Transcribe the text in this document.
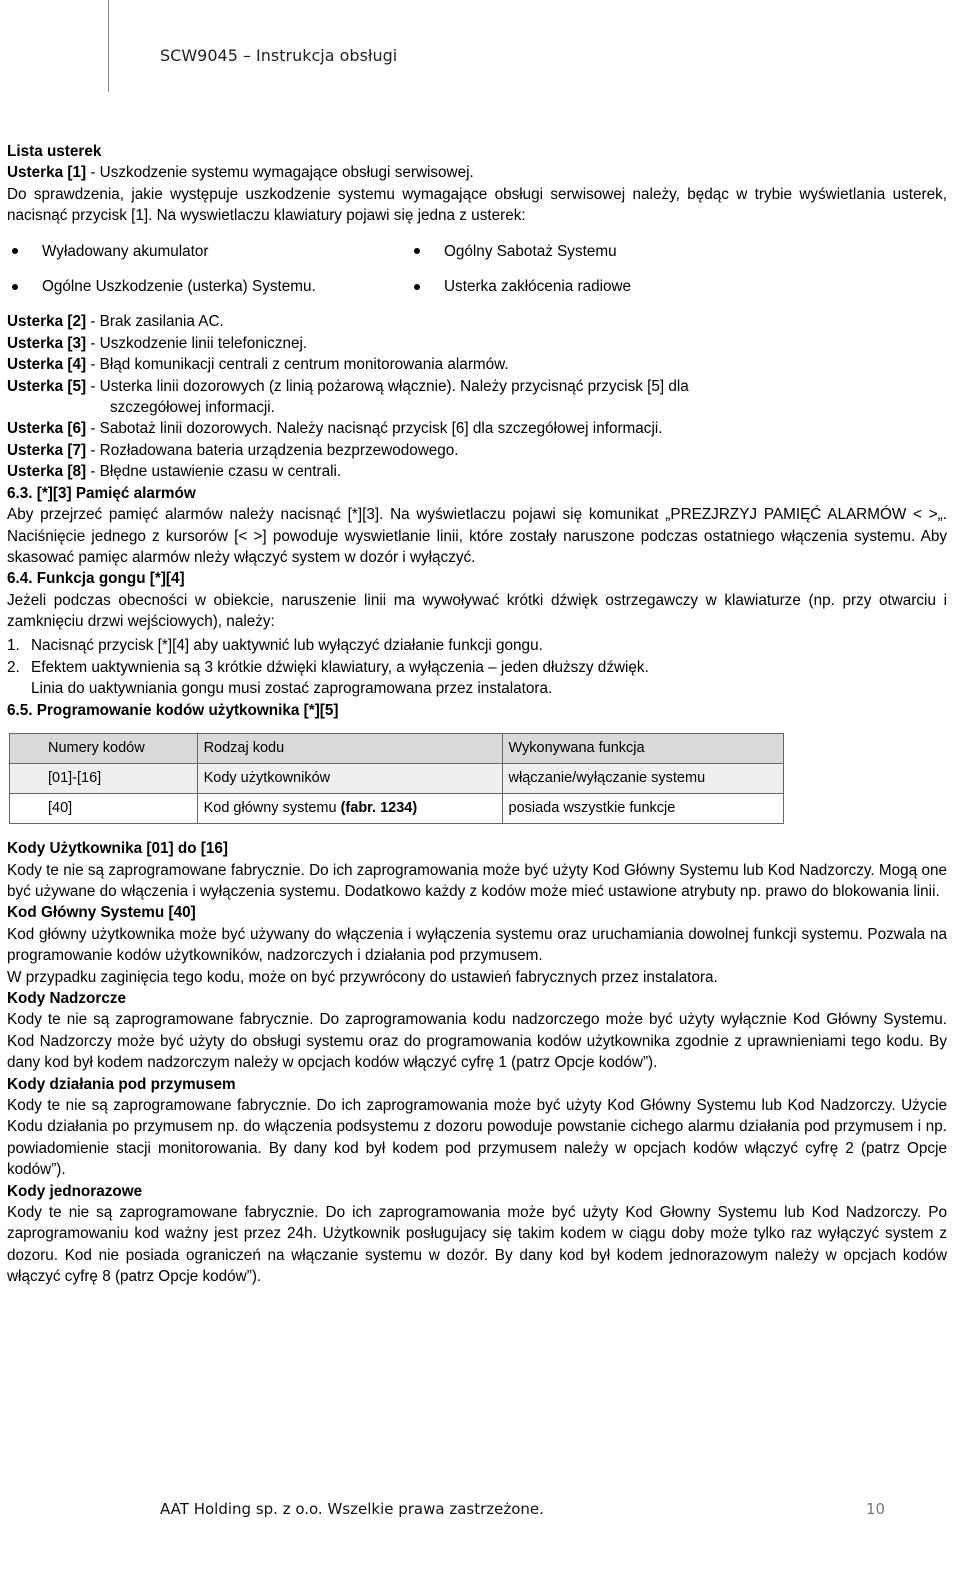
SCW9045 – Instrukcja obsługi

Lista usterek

Usterka [1] - Uszkodzenie systemu wymagające obsługi serwisowej.

Do sprawdzenia, jakie występuje uszkodzenie systemu wymagające obsługi serwisowej należy, będąc w trybie wyświetlania usterek, nacisnąć przycisk [1]. Na wyswietlaczu klawiatury pojawi się jedna z usterek:

Wyładowany akumulator	Ogólny Sabotaż Systemu
Ogólne Uszkodzenie (usterka) Systemu.	Usterka zakłócenia radiowe

Usterka [2] - Brak zasilania AC.

Usterka [3] - Uszkodzenie linii telefonicznej.

Usterka [4] - Błąd komunikacji centrali z centrum monitorowania alarmów.

Usterka [5] - Usterka linii dozorowych (z linią pożarową włącznie). Należy przycisnąć przycisk [5] dla

szczegółowej informacji.

Usterka [6] - Sabotaż linii dozorowych. Należy nacisnąć przycisk [6] dla szczegółowej informacji.

Usterka [7] - Rozładowana bateria urządzenia bezprzewodowego.

Usterka [8] - Błędne ustawienie czasu w centrali.

6.3. [*][3] Pamięć alarmów

Aby przejrzeć pamięć alarmów należy nacisnąć [*][3]. Na wyświetlaczu pojawi się komunikat „PREZJRZYJ PAMIĘĆ ALARMÓW < >„. Naciśnięcie jednego z kursorów [< >] powoduje wyswietlanie linii, które zostały naruszone podczas ostatniego włączenia systemu. Aby skasować pamięc alarmów nleży włączyć system w dozór i wyłączyć.

6.4. Funkcja gongu [*][4]

Jeżeli podczas obecności w obiekcie, naruszenie linii ma wywoływać krótki dźwięk ostrzegawczy w klawiaturze (np. przy otwarciu i zamknięciu drzwi wejściowych), należy:

1. Nacisnąć przycisk [*][4] aby uaktywnić lub wyłączyć działanie funkcji gongu.
2. Efektem uaktywnienia są 3 krótkie dźwięki klawiatury, a wyłączenia – jeden dłuższy dźwięk.

Linia do uaktywniania gongu musi zostać zaprogramowana przez instalatora.

6.5. Programowanie kodów użytkownika [*][5]

Numery kodów	Rodzaj kodu	Wykonywana funkcja
[01]-[16]	Kody użytkowników	włączanie/wyłączanie systemu
[40]	Kod główny systemu (fabr. 1234)	posiada wszystkie funkcje

Kody Użytkownika [01] do [16]

Kody te nie są zaprogramowane fabrycznie. Do ich zaprogramowania może być użyty Kod Główny Systemu lub Kod Nadzorczy. Mogą one być używane do włączenia i wyłączenia systemu. Dodatkowo każdy z kodów może mieć ustawione atrybuty np. prawo do blokowania linii.

Kod Główny Systemu [40]

Kod główny użytkownika może być używany do włączenia i wyłączenia systemu oraz uruchamiania dowolnej funkcji systemu. Pozwala na programowanie kodów użytkowników, nadzorczych i działania pod przymusem.

W przypadku zaginięcia tego kodu, może on być przywrócony do ustawień fabrycznych przez instalatora.

Kody Nadzorcze

Kody te nie są zaprogramowane fabrycznie. Do zaprogramowania kodu nadzorczego może być użyty wyłącznie Kod Główny Systemu. Kod Nadzorczy może być użyty do obsługi systemu oraz do programowania kodów użytkownika zgodnie z uprawnieniami tego kodu. By dany kod był kodem nadzorczym należy w opcjach kodów włączyć cyfrę 1 (patrz Opcje kodów”).

Kody działania pod przymusem

Kody te nie są zaprogramowane fabrycznie. Do ich zaprogramowania może być użyty Kod Główny Systemu lub Kod Nadzorczy. Użycie Kodu działania po przymusem np. do włączenia podsystemu z dozoru powoduje powstanie cichego alarmu działania pod przymusem i np. powiadomienie stacji monitorowania. By dany kod był kodem pod przymusem należy w opcjach kodów włączyć cyfrę 2 (patrz Opcje kodów”).

Kody jednorazowe

Kody te nie są zaprogramowane fabrycznie. Do ich zaprogramowania może być użyty Kod Głowny Systemu lub Kod Nadzorczy. Po zaprogramowaniu kod ważny jest przez 24h. Użytkownik posługujacy się takim kodem w ciągu doby może tylko raz wyłączyć system z dozoru. Kod nie posiada ograniczeń na włączanie systemu w dozór. By dany kod był kodem jednorazowym należy w opcjach kodów włączyć cyfrę 8 (patrz Opcje kodów”).

AAT Holding sp. z o.o. Wszelkie prawa zastrzeżone.	10
